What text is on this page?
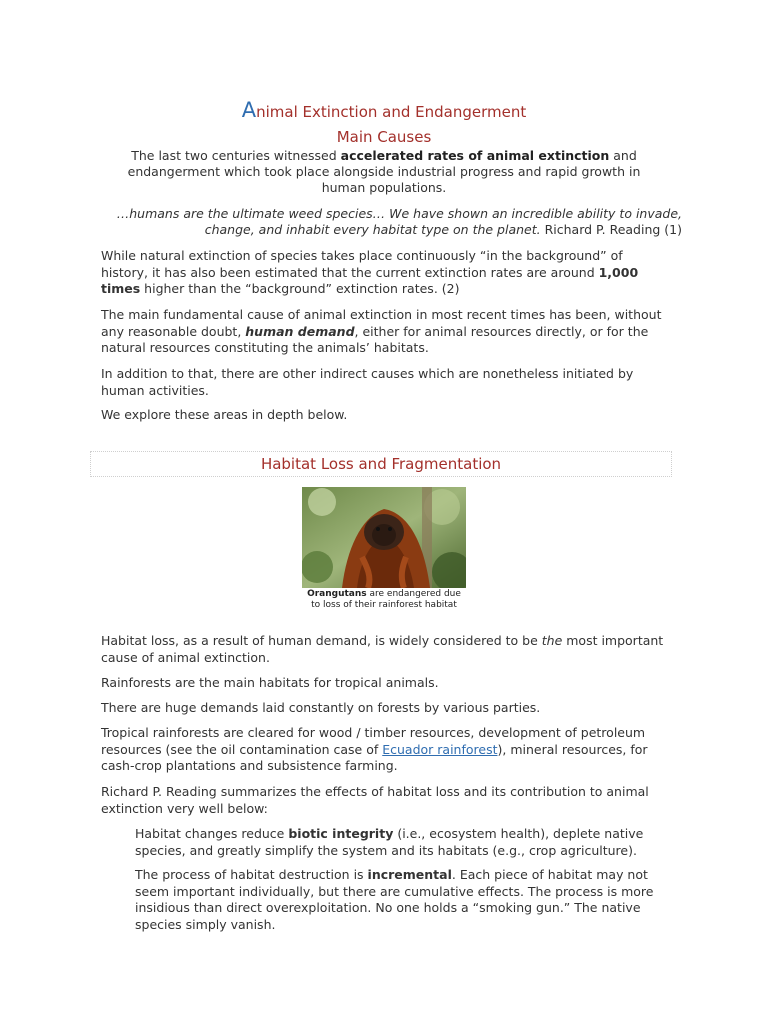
Animal Extinction and Endangerment
Main Causes
The last two centuries witnessed accelerated rates of animal extinction and endangerment which took place alongside industrial progress and rapid growth in human populations.
…humans are the ultimate weed species… We have shown an incredible ability to invade, change, and inhabit every habitat type on the planet. Richard P. Reading (1)

While natural extinction of species takes place continuously “in the background” of history, it has also been estimated that the current extinction rates are around 1,000 times higher than the “background” extinction rates. (2)

The main fundamental cause of animal extinction in most recent times has been, without any reasonable doubt, human demand, either for animal resources directly, or for the natural resources constituting the animals’ habitats.

In addition to that, there are other indirect causes which are nonetheless initiated by human activities.

We explore these areas in depth below.

Habitat Loss and Fragmentation
Orangutans are endangered due to loss of their rainforest habitat

Habitat loss, as a result of human demand, is widely considered to be the most important cause of animal extinction.

Rainforests are the main habitats for tropical animals.

There are huge demands laid constantly on forests by various parties.

Tropical rainforests are cleared for wood / timber resources, development of petroleum resources (see the oil contamination case of Ecuador rainforest), mineral resources, for cash-crop plantations and subsistence farming.

Richard P. Reading summarizes the effects of habitat loss and its contribution to animal extinction very well below:

Habitat changes reduce biotic integrity (i.e., ecosystem health), deplete native species, and greatly simplify the system and its habitats (e.g., crop agriculture).

The process of habitat destruction is incremental. Each piece of habitat may not seem important individually, but there are cumulative effects. The process is more insidious than direct overexploitation. No one holds a “smoking gun.” The native species simply vanish.
